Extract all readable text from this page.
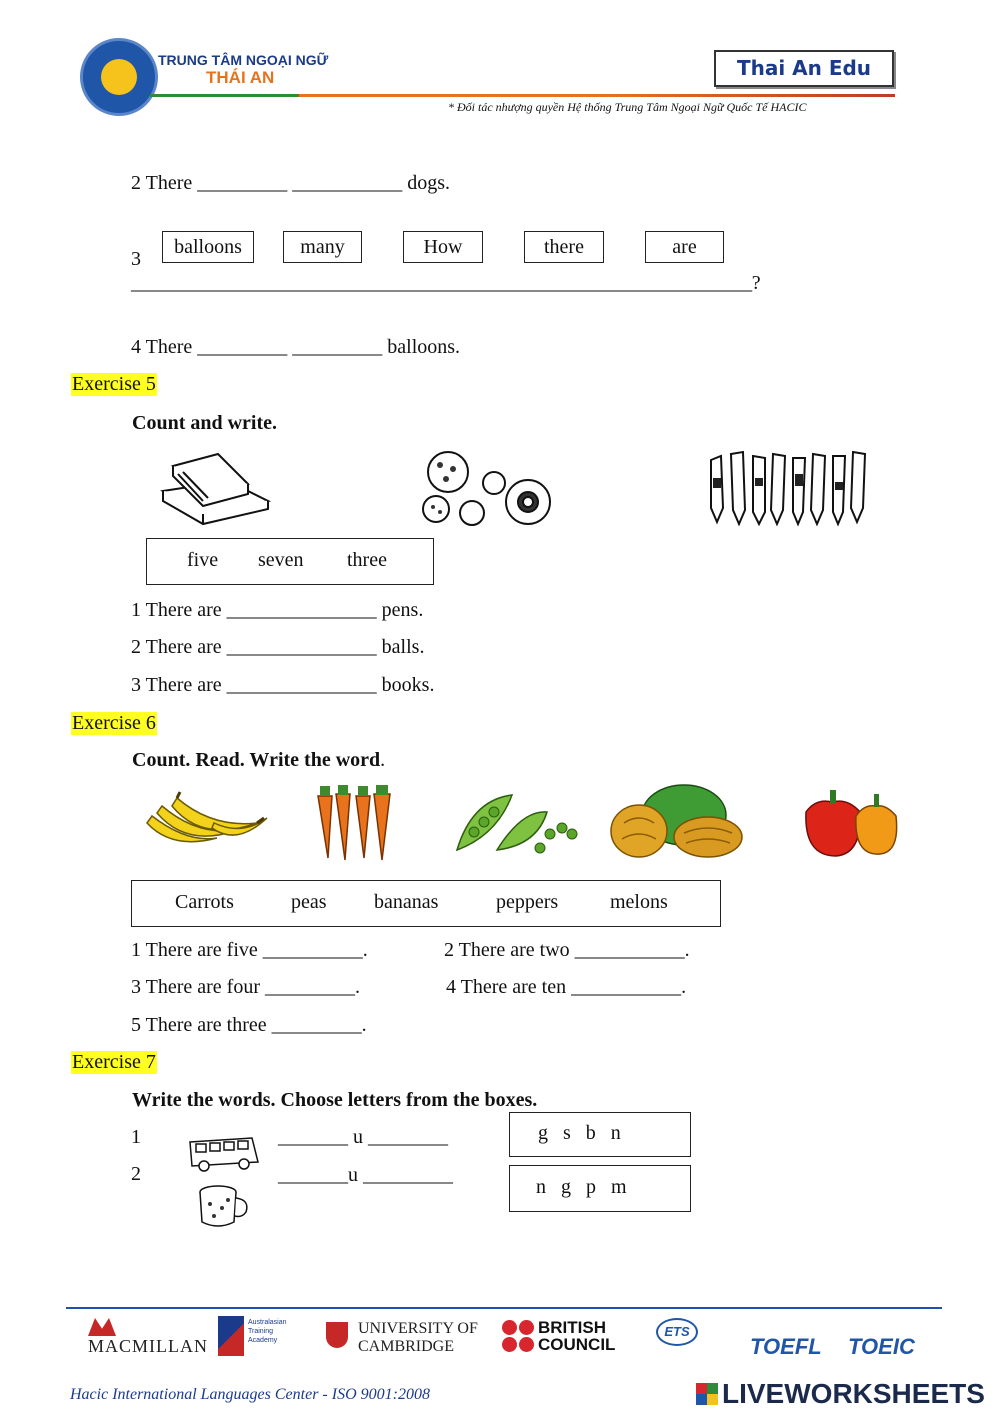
TRUNG TÂM NGOẠI NGỮ
THÁI AN	Thai An Edu
* Đối tác nhượng quyền Hệ thống Trung Tâm Ngoại Ngữ Quốc Tế HACIC
2 There _________ ___________ dogs.
3
balloons	many	How	there	are
________________________________________________________________?
4 There _________ _________ balloons.
Exercise 5
Count and write.
five seven three
1 There are _______________ pens.
2 There are _______________ balls.
3 There are _______________ books.
Exercise 6
Count. Read. Write the word.
Carrots	peas bananas	peppers	melons
1 There are five __________.	2 There are two ___________.
3 There are four _________.	4 There are ten ___________.
5 There are three _________.
Exercise 7
Write the words. Choose letters from the boxes.
1	_______ u ________	g   s   b   n
2	_______u _________
n   g   p   m
MACMILLAN
Australasian Training Academy
UNIVERSITY OF
CAMBRIDGE
BRITISH
COUNCIL
ETS
TOEFL TOEIC
Hacic International Languages Center - ISO 9001:2008	LIVEWORKSHEETS
